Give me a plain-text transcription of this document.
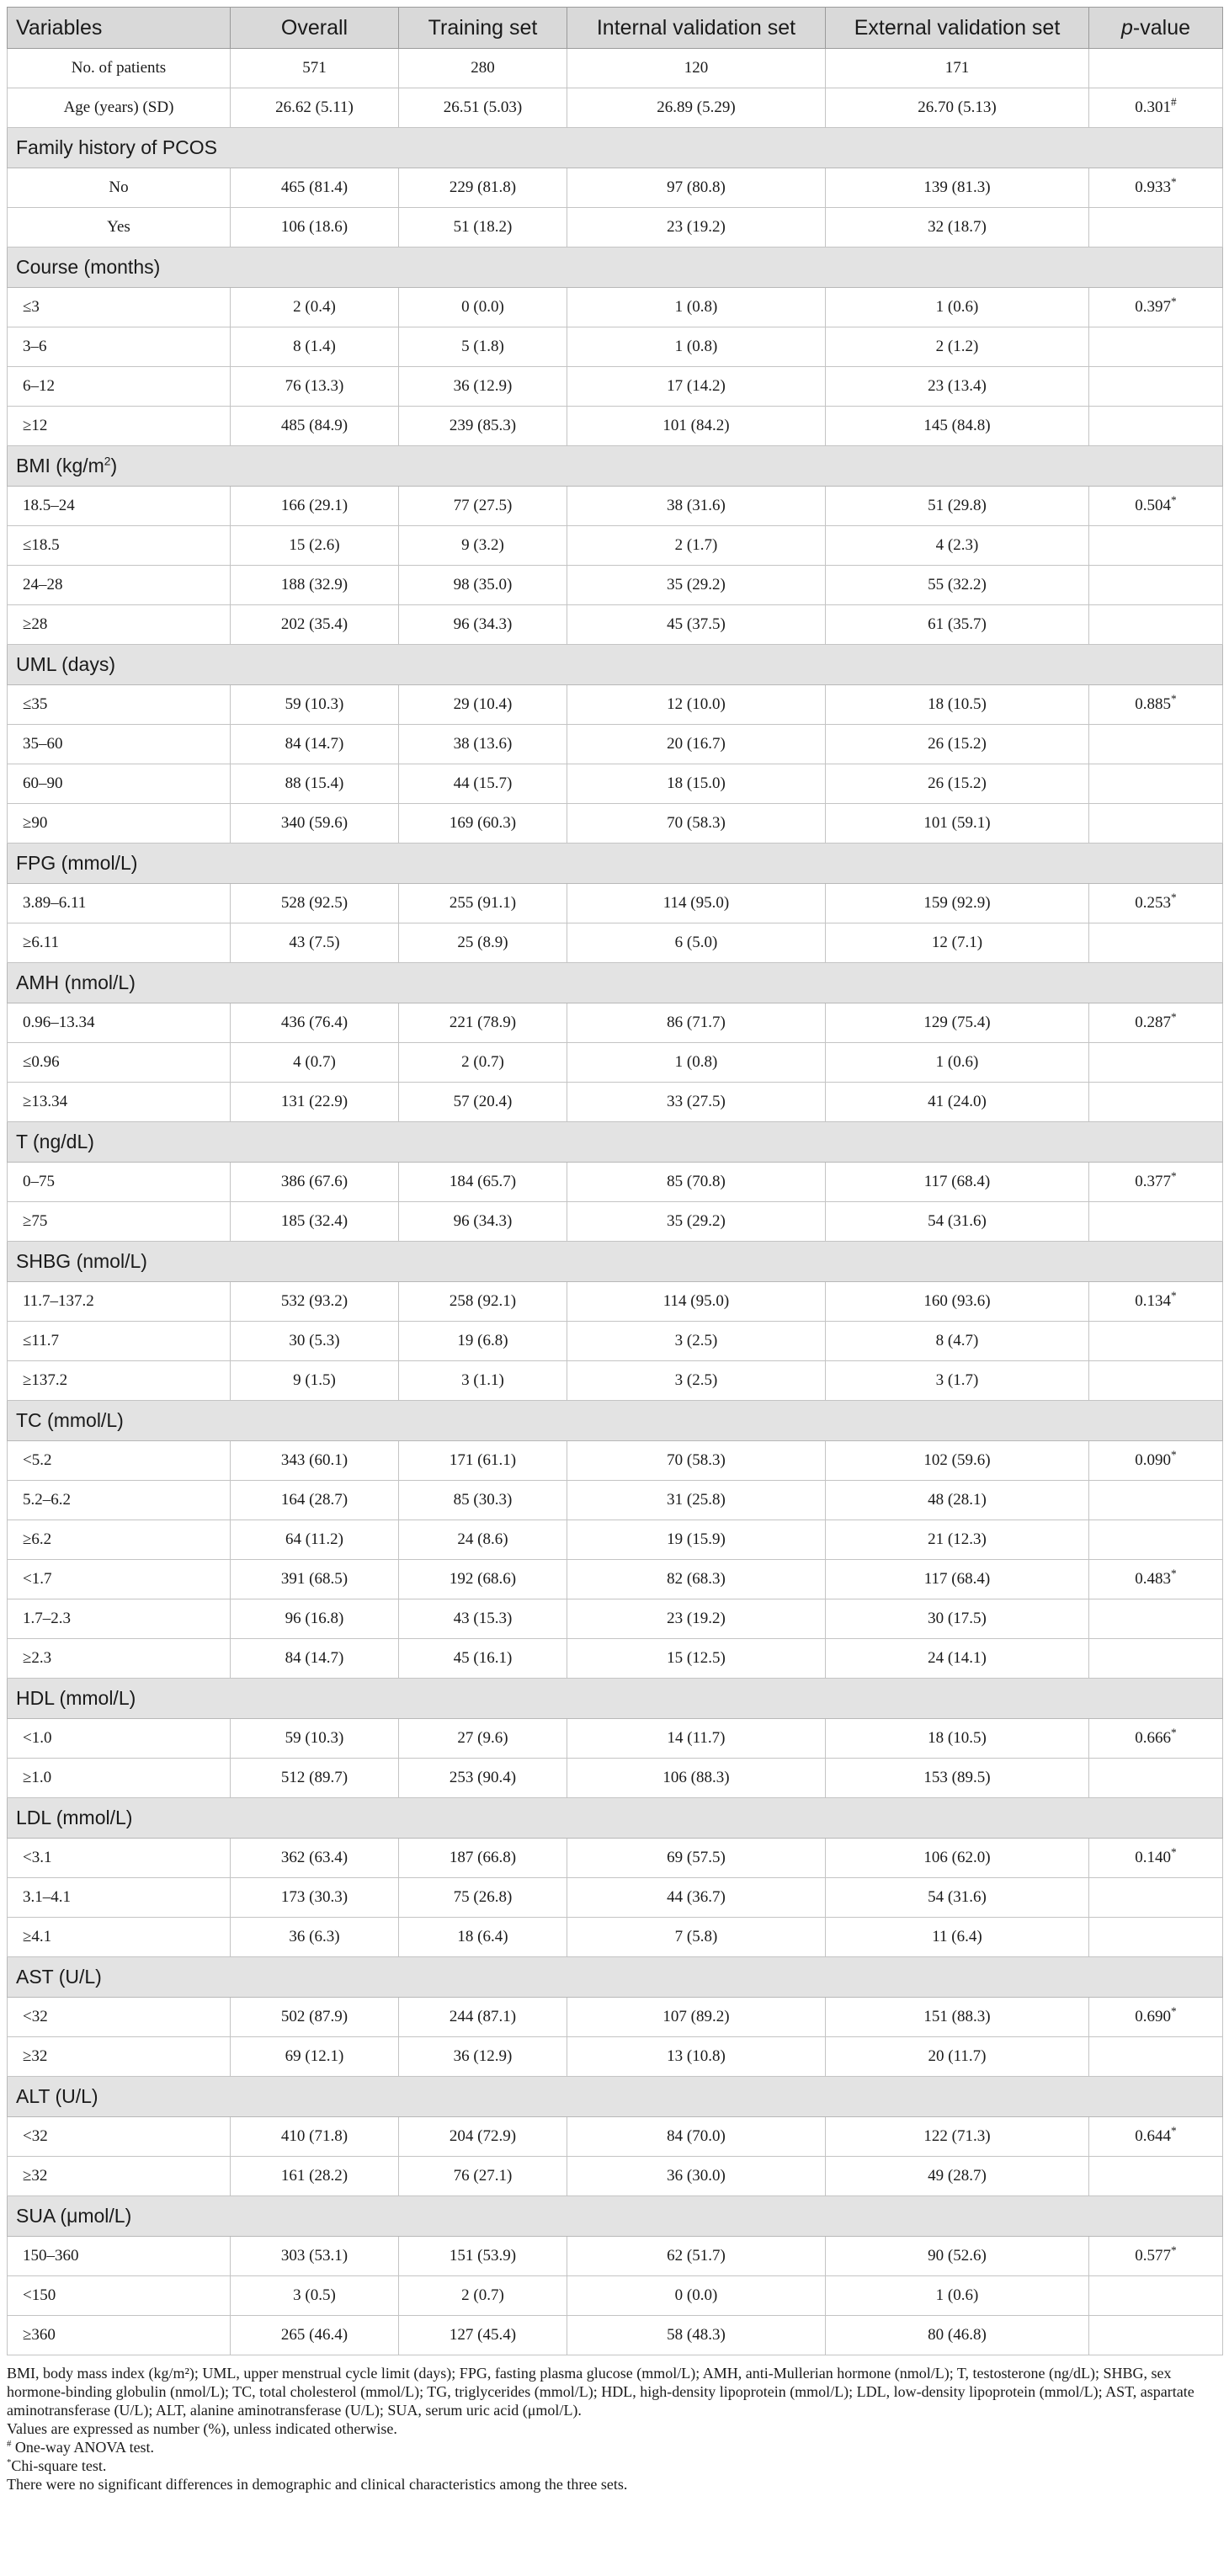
Variables	Overall	Training set	Internal validation set	External validation set	p-value
No. of patients	571	280	120	171	
Age (years) (SD)	26.62 (5.11)	26.51 (5.03)	26.89 (5.29)	26.70 (5.13)	0.301#
Family history of PCOS					
No	465 (81.4)	229 (81.8)	97 (80.8)	139 (81.3)	0.933*
Yes	106 (18.6)	51 (18.2)	23 (19.2)	32 (18.7)	
Course (months)					
≤3	2 (0.4)	0 (0.0)	1 (0.8)	1 (0.6)	0.397*
3–6	8 (1.4)	5 (1.8)	1 (0.8)	2 (1.2)	
6–12	76 (13.3)	36 (12.9)	17 (14.2)	23 (13.4)	
≥12	485 (84.9)	239 (85.3)	101 (84.2)	145 (84.8)	
BMI $(kg/m^2)$					
18.5–24	166 (29.1)	77 (27.5)	38 (31.6)	51 (29.8)	0.504*
≤18.5	15 (2.6)	9 (3.2)	2 (1.7)	4 (2.3)	
24–28	188 (32.9)	98 (35.0)	35 (29.2)	55 (32.2)	
≥28	202 (35.4)	96 (34.3)	45 (37.5)	61 (35.7)	
UML (days)					
≤35	59 (10.3)	29 (10.4)	12 (10.0)	18 (10.5)	0.885*
35–60	84 (14.7)	38 (13.6)	20 (16.7)	26 (15.2)	
60–90	88 (15.4)	44 (15.7)	18 (15.0)	26 (15.2)	
≥90	340 (59.6)	169 (60.3)	70 (58.3)	101 (59.1)	
FPG (mmol/L)					
3.89–6.11	528 (92.5)	255 (91.1)	114 (95.0)	159 (92.9)	0.253*
≥6.11	43 (7.5)	25 (8.9)	6 (5.0)	12 (7.1)	
AMH (nmol/L)					
0.96–13.34	436 (76.4)	221 (78.9)	86 (71.7)	129 (75.4)	0.287*
≤0.96	4 (0.7)	2 (0.7)	1 (0.8)	1 (0.6)	
≥13.34	131 (22.9)	57 (20.4)	33 (27.5)	41 (24.0)	
T (ng/dL)					
0–75	386 (67.6)	184 (65.7)	85 (70.8)	117 (68.4)	0.377*
≥75	185 (32.4)	96 (34.3)	35 (29.2)	54 (31.6)	
SHBG (nmol/L)					
11.7–137.2	532 (93.2)	258 (92.1)	114 (95.0)	160 (93.6)	0.134*
≤11.7	30 (5.3)	19 (6.8)	3 (2.5)	8 (4.7)	
≥137.2	9 (1.5)	3 (1.1)	3 (2.5)	3 (1.7)	
TC (mmol/L)					
<5.2	343 (60.1)	171 (61.1)	70 (58.3)	102 (59.6)	0.090*
5.2–6.2	164 (28.7)	85 (30.3)	31 (25.8)	48 (28.1)	
≥6.2	64 (11.2)	24 (8.6)	19 (15.9)	21 (12.3)	
<1.7	391 (68.5)	192 (68.6)	82 (68.3)	117 (68.4)	0.483*
1.7–2.3	96 (16.8)	43 (15.3)	23 (19.2)	30 (17.5)	
≥2.3	84 (14.7)	45 (16.1)	15 (12.5)	24 (14.1)	
HDL (mmol/L)					
<1.0	59 (10.3)	27 (9.6)	14 (11.7)	18 (10.5)	0.666*
≥1.0	512 (89.7)	253 (90.4)	106 (88.3)	153 (89.5)	
LDL (mmol/L)					
<3.1	362 (63.4)	187 (66.8)	69 (57.5)	106 (62.0)	0.140*
3.1–4.1	173 (30.3)	75 (26.8)	44 (36.7)	54 (31.6)	
≥4.1	36 (6.3)	18 (6.4)	7 (5.8)	11 (6.4)	
AST (U/L)					
<32	502 (87.9)	244 (87.1)	107 (89.2)	151 (88.3)	0.690*
≥32	69 (12.1)	36 (12.9)	13 (10.8)	20 (11.7)	
ALT (U/L)					
<32	410 (71.8)	204 (72.9)	84 (70.0)	122 (71.3)	0.644*
≥32	161 (28.2)	76 (27.1)	36 (30.0)	49 (28.7)	
SUA (μmol/L)					
150–360	303 (53.1)	151 (53.9)	62 (51.7)	90 (52.6)	0.577*
<150	3 (0.5)	2 (0.7)	0 (0.0)	1 (0.6)	
≥360	265 (46.4)	127 (45.4)	58 (48.3)	80 (46.8)	

BMI, body mass index (kg/m²); UML, upper menstrual cycle limit (days); FPG, fasting plasma glucose (mmol/L); AMH, anti-Mullerian hormone (nmol/L); T, testosterone (ng/dL); SHBG, sex hormone-binding globulin (nmol/L); TC, total cholesterol (mmol/L); TG, triglycerides (mmol/L); HDL, high-density lipoprotein (mmol/L); LDL, low-density lipoprotein (mmol/L); AST, aspartate aminotransferase (U/L); ALT, alanine aminotransferase (U/L); SUA, serum uric acid (μmol/L).

Values are expressed as number (%), unless indicated otherwise.

# One-way ANOVA test.

*Chi-square test.

There were no significant differences in demographic and clinical characteristics among the three sets.
